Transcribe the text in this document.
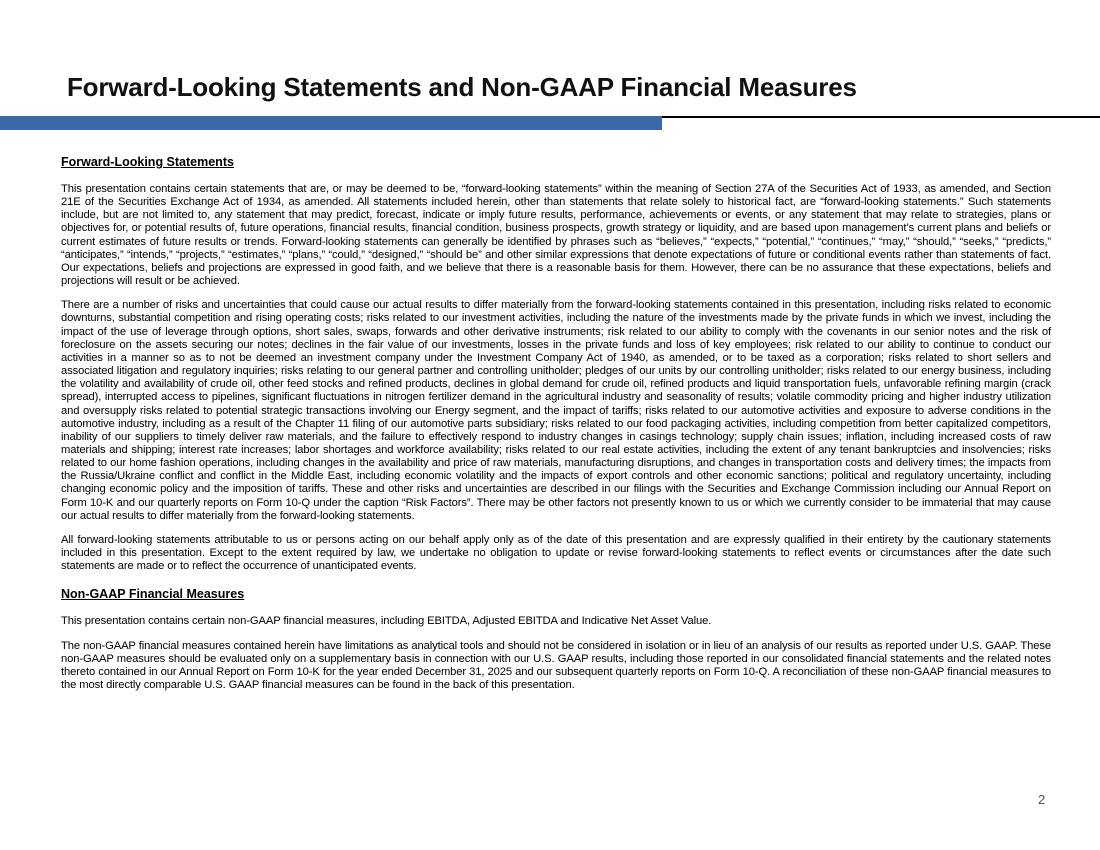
Forward-Looking Statements and Non-GAAP Financial Measures
Forward-Looking Statements

This presentation contains certain statements that are, or may be deemed to be, “forward-looking statements” within the meaning of Section 27A of the Securities Act of 1933, as amended, and Section 21E of the Securities Exchange Act of 1934, as amended. All statements included herein, other than statements that relate solely to historical fact, are “forward-looking statements.” Such statements include, but are not limited to, any statement that may predict, forecast, indicate or imply future results, performance, achievements or events, or any statement that may relate to strategies, plans or objectives for, or potential results of, future operations, financial results, financial condition, business prospects, growth strategy or liquidity, and are based upon management’s current plans and beliefs or current estimates of future results or trends. Forward-looking statements can generally be identified by phrases such as “believes,” “expects,” “potential,” “continues,” “may,” “should,” “seeks,” “predicts,” “anticipates,” “intends,” “projects,” “estimates,” “plans,” “could,” “designed,” “should be” and other similar expressions that denote expectations of future or conditional events rather than statements of fact. Our expectations, beliefs and projections are expressed in good faith, and we believe that there is a reasonable basis for them. However, there can be no assurance that these expectations, beliefs and projections will result or be achieved.

There are a number of risks and uncertainties that could cause our actual results to differ materially from the forward-looking statements contained in this presentation, including risks related to economic downturns, substantial competition and rising operating costs; risks related to our investment activities, including the nature of the investments made by the private funds in which we invest, including the impact of the use of leverage through options, short sales, swaps, forwards and other derivative instruments; risk related to our ability to comply with the covenants in our senior notes and the risk of foreclosure on the assets securing our notes; declines in the fair value of our investments, losses in the private funds and loss of key employees; risk related to our ability to continue to conduct our activities in a manner so as to not be deemed an investment company under the Investment Company Act of 1940, as amended, or to be taxed as a corporation; risks related to short sellers and associated litigation and regulatory inquiries; risks relating to our general partner and controlling unitholder; pledges of our units by our controlling unitholder; risks related to our energy business, including the volatility and availability of crude oil, other feed stocks and refined products, declines in global demand for crude oil, refined products and liquid transportation fuels, unfavorable refining margin (crack spread), interrupted access to pipelines, significant fluctuations in nitrogen fertilizer demand in the agricultural industry and seasonality of results; volatile commodity pricing and higher industry utilization and oversupply risks related to potential strategic transactions involving our Energy segment, and the impact of tariffs; risks related to our automotive activities and exposure to adverse conditions in the automotive industry, including as a result of the Chapter 11 filing of our automotive parts subsidiary; risks related to our food packaging activities, including competition from better capitalized competitors, inability of our suppliers to timely deliver raw materials, and the failure to effectively respond to industry changes in casings technology; supply chain issues; inflation, including increased costs of raw materials and shipping; interest rate increases; labor shortages and workforce availability; risks related to our real estate activities, including the extent of any tenant bankruptcies and insolvencies; risks related to our home fashion operations, including changes in the availability and price of raw materials, manufacturing disruptions, and changes in transportation costs and delivery times; the impacts from the Russia/Ukraine conflict and conflict in the Middle East, including economic volatility and the impacts of export controls and other economic sanctions; political and regulatory uncertainty, including changing economic policy and the imposition of tariffs. These and other risks and uncertainties are described in our filings with the Securities and Exchange Commission including our Annual Report on Form 10-K and our quarterly reports on Form 10-Q under the caption “Risk Factors”. There may be other factors not presently known to us or which we currently consider to be immaterial that may cause our actual results to differ materially from the forward-looking statements.

All forward-looking statements attributable to us or persons acting on our behalf apply only as of the date of this presentation and are expressly qualified in their entirety by the cautionary statements included in this presentation. Except to the extent required by law, we undertake no obligation to update or revise forward-looking statements to reflect events or circumstances after the date such statements are made or to reflect the occurrence of unanticipated events.

Non-GAAP Financial Measures

This presentation contains certain non-GAAP financial measures, including EBITDA, Adjusted EBITDA and Indicative Net Asset Value.

The non-GAAP financial measures contained herein have limitations as analytical tools and should not be considered in isolation or in lieu of an analysis of our results as reported under U.S. GAAP. These non-GAAP measures should be evaluated only on a supplementary basis in connection with our U.S. GAAP results, including those reported in our consolidated financial statements and the related notes thereto contained in our Annual Report on Form 10-K for the year ended December 31, 2025 and our subsequent quarterly reports on Form 10-Q. A reconciliation of these non-GAAP financial measures to the most directly comparable U.S. GAAP financial measures can be found in the back of this presentation.

2
